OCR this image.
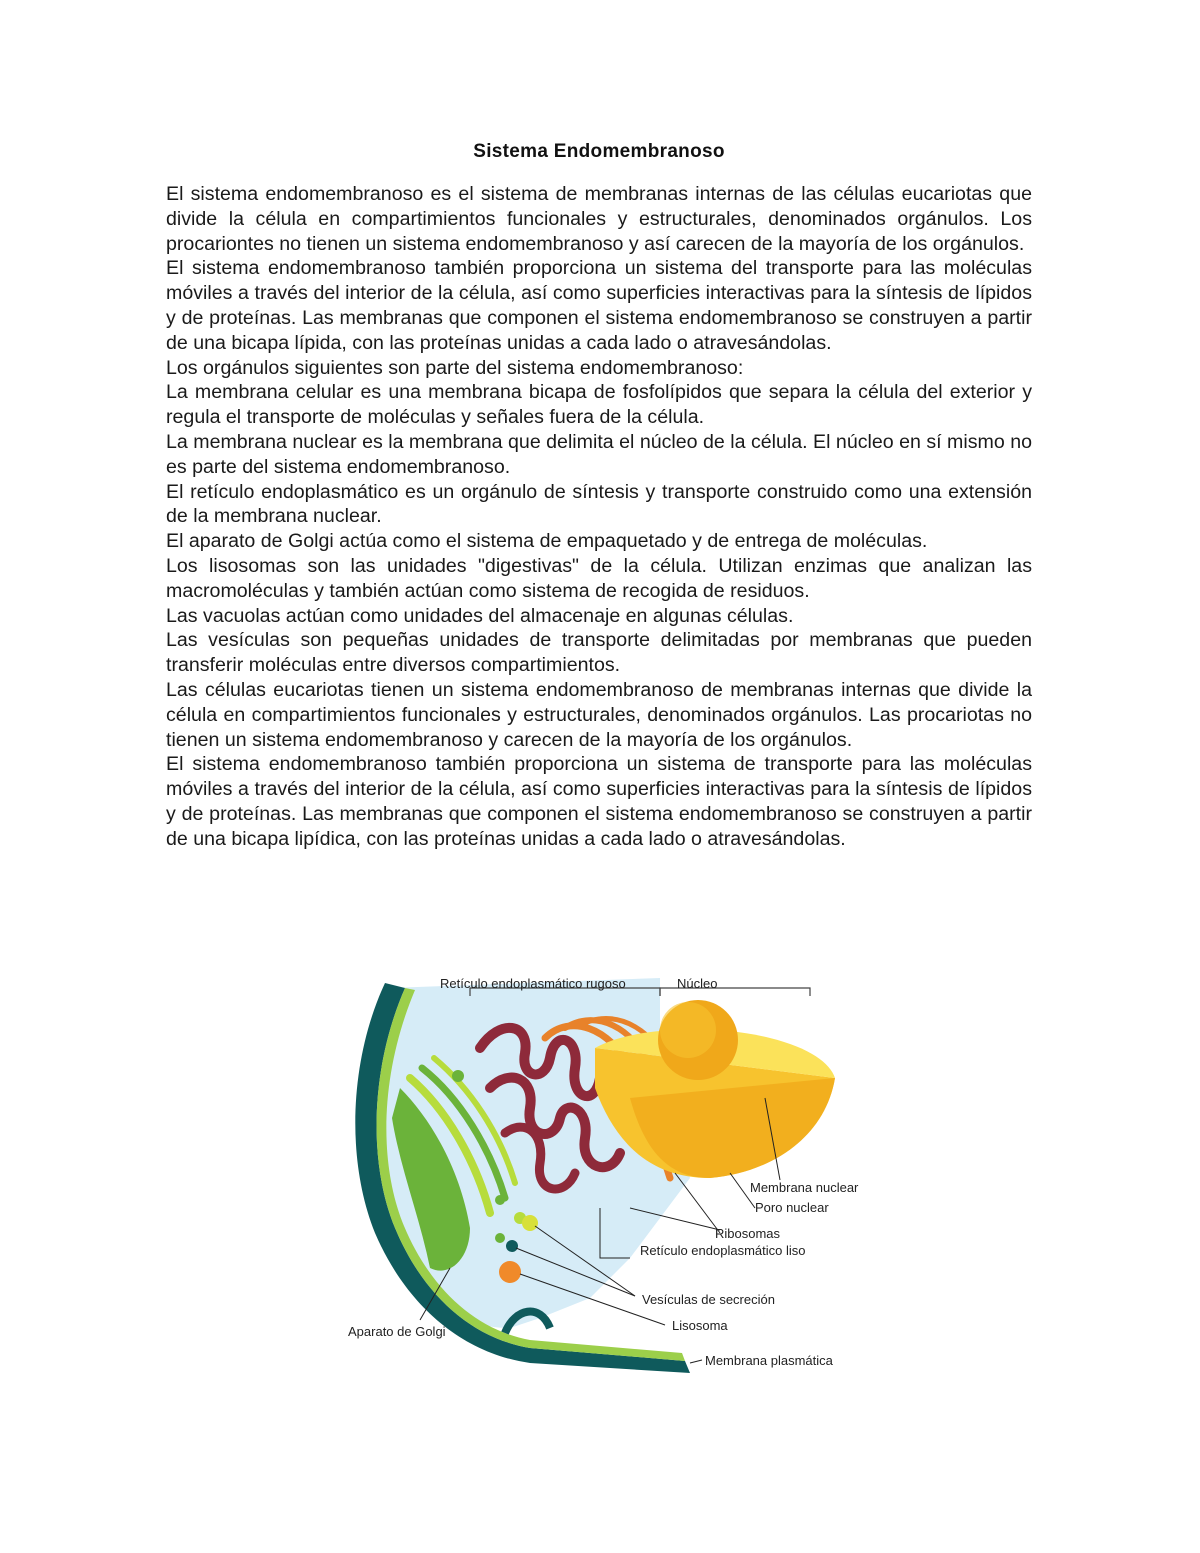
Sistema Endomembranoso

El sistema endomembranoso es el sistema de membranas internas de las células eucariotas que divide la célula en compartimientos funcionales y estructurales, denominados orgánulos. Los procariontes no tienen un sistema endomembranoso y así carecen de la mayoría de los orgánulos.

El sistema endomembranoso también proporciona un sistema del transporte para las moléculas móviles a través del interior de la célula, así como superficies interactivas para la síntesis de lípidos y de proteínas. Las membranas que componen el sistema endomembranoso se construyen a partir de una bicapa lípida, con las proteínas unidas a cada lado o atravesándolas.

Los orgánulos siguientes son parte del sistema endomembranoso:

La membrana celular es una membrana bicapa de fosfolípidos que separa la célula del exterior y regula el transporte de moléculas y señales fuera de la célula.

La membrana nuclear es la membrana que delimita el núcleo de la célula. El núcleo en sí mismo no es parte del sistema endomembranoso.

El retículo endoplasmático es un orgánulo de síntesis y transporte construido como una extensión de la membrana nuclear.

El aparato de Golgi actúa como el sistema de empaquetado y de entrega de moléculas.

Los lisosomas son las unidades "digestivas" de la célula. Utilizan enzimas que analizan las macromoléculas y también actúan como sistema de recogida de residuos.

Las vacuolas actúan como unidades del almacenaje en algunas células.

Las vesículas son pequeñas unidades de transporte delimitadas por membranas que pueden transferir moléculas entre diversos compartimientos.

Las células eucariotas tienen un sistema endomembranoso de membranas internas que divide la célula en compartimientos funcionales y estructurales, denominados orgánulos. Las procariotas no tienen un sistema endomembranoso y carecen de la mayoría de los orgánulos.

El sistema endomembranoso también proporciona un sistema de transporte para las moléculas móviles a través del interior de la célula, así como superficies interactivas para la síntesis de lípidos y de proteínas. Las membranas que componen el sistema endomembranoso se construyen a partir de una bicapa lipídica, con las proteínas unidas a cada lado o atravesándolas.

Retículo endoplasmático rugoso	Núcleo
Membrana nuclear
Poro nuclear
Ribosomas
Retículo endoplasmático liso
Vesículas de secreción
Lisosoma
Aparato de Golgi
Membrana plasmática
